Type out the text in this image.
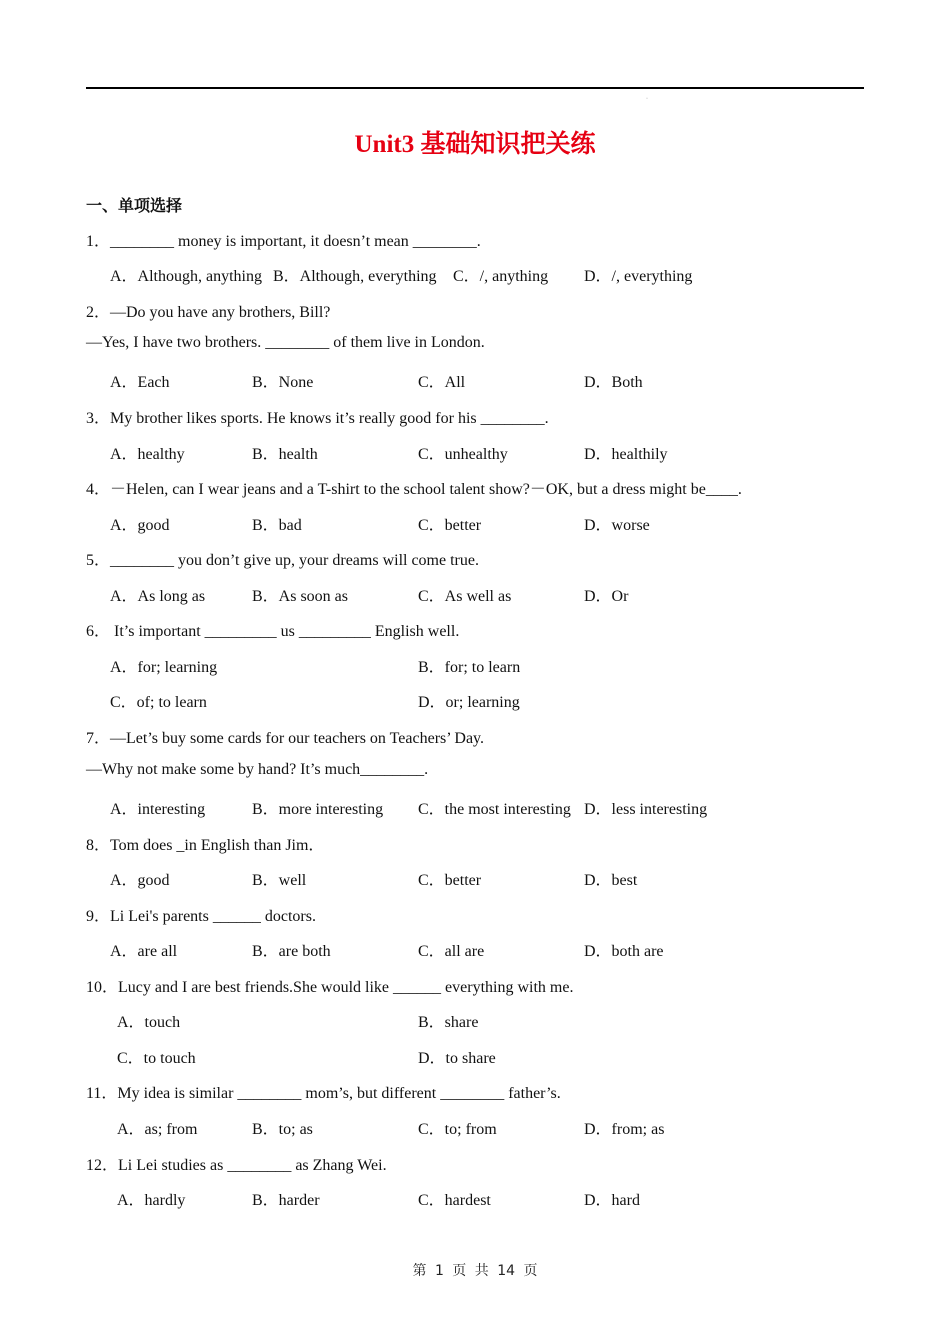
·
Unit3 基础知识把关练
一、单项选择
1．________ money is important, it doesn’t mean ________.
A．Although, anything B．Although, everything C．/, anything D．/, everything
2．—Do you have any brothers, Bill?
—Yes, I have two brothers. ________ of them live in London.
A．Each	B．None	C．All	D．Both
3．My brother likes sports. He knows it’s really good for his ________.
A．healthy	B．health	C．unhealthy	D．healthily
4．－Helen, can I wear jeans and a T-shirt to the school talent show?－OK, but a dress might be____.
A．good	B．bad	C．better	D．worse
5．________ you don’t give up, your dreams will come true.
A．As long as	B．As soon as	C．As well as	D．Or
6． It’s important _________ us _________ English well.
A．for; learning	B．for; to learn
C．of; to learn	D．or; learning
7．—Let’s buy some cards for our teachers on Teachers’ Day.
—Why not make some by hand? It’s much________.
A．interesting	B．more interesting C．the most interesting D．less interesting
8．Tom does _in English than Jim．
A．good	B．well	C．better	D．best
9．Li Lei's parents ______ doctors.
A．are all	B．are both	C．all are	D．both are
10．Lucy and I are best friends.She would like ______ everything with me.
A．touch	B．share
C．to touch	D．to share
11．My idea is similar ________ mom’s, but different ________ father’s.
A．as; from	B．to; as	C．to; from	D．from; as
12．Li Lei studies as ________ as Zhang Wei.
A．hardly	B．harder	C．hardest	D．hard
第 1 页 共 14 页
